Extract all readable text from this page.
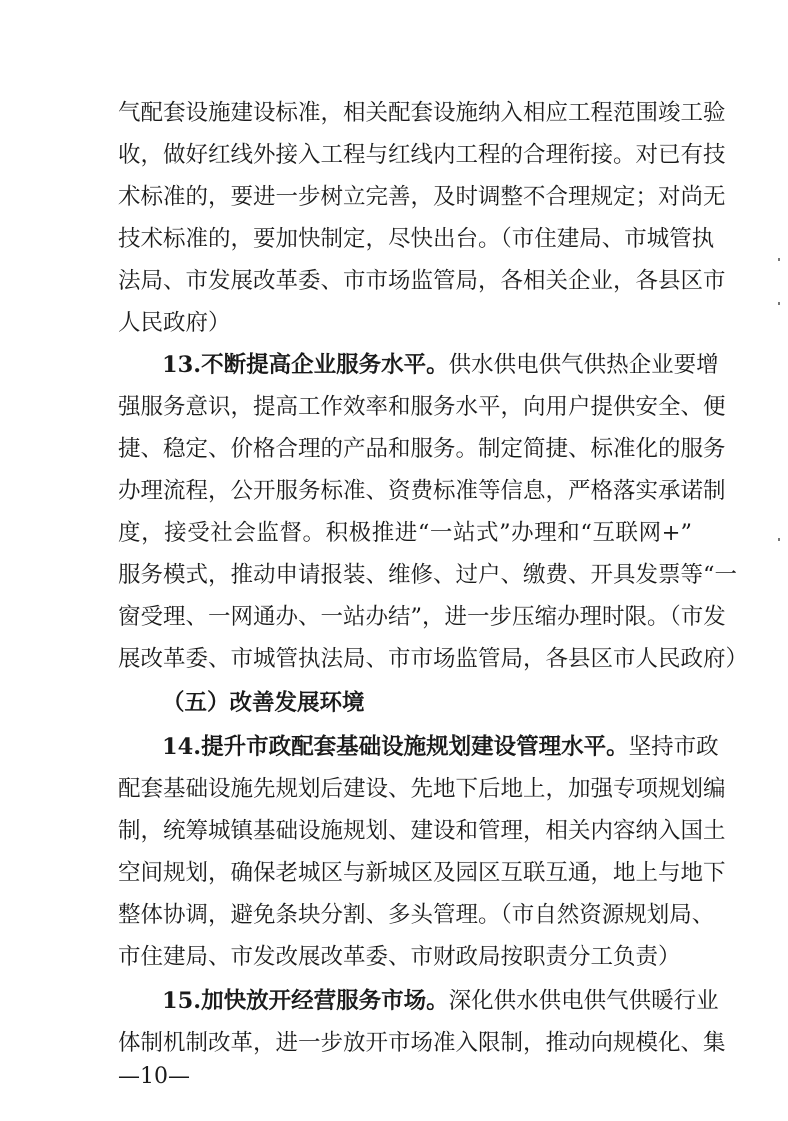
气配套设施建设标准，相关配套设施纳入相应工程范围竣工验
收，做好红线外接入工程与红线内工程的合理衔接。对已有技
术标准的，要进一步树立完善，及时调整不合理规定；对尚无
技术标准的，要加快制定，尽快出台。（市住建局、市城管执
法局、市发展改革委、市市场监管局，各相关企业，各县区市
人民政府）
13.不断提高企业服务水平。供水供电供气供热企业要增
强服务意识，提高工作效率和服务水平，向用户提供安全、便
捷、稳定、价格合理的产品和服务。制定简捷、标准化的服务
办理流程，公开服务标准、资费标准等信息，严格落实承诺制
度，接受社会监督。积极推进“一站式”办理和“互联网+”
服务模式，推动申请报装、维修、过户、缴费、开具发票等“一
窗受理、一网通办、一站办结”，进一步压缩办理时限。（市发
展改革委、市城管执法局、市市场监管局，各县区市人民政府）
（五）改善发展环境
14.提升市政配套基础设施规划建设管理水平。坚持市政
配套基础设施先规划后建设、先地下后地上，加强专项规划编
制，统筹城镇基础设施规划、建设和管理，相关内容纳入国土
空间规划，确保老城区与新城区及园区互联互通，地上与地下
整体协调，避免条块分割、多头管理。（市自然资源规划局、
市住建局、市发改展改革委、市财政局按职责分工负责）
15.加快放开经营服务市场。深化供水供电供气供暖行业
体制机制改革，进一步放开市场准入限制，推动向规模化、集
—10—
